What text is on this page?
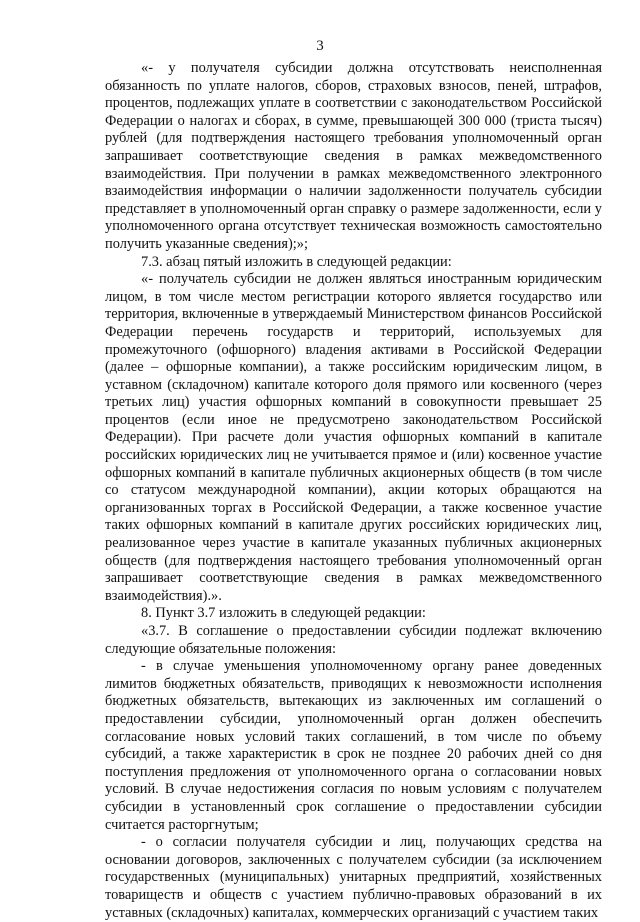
3

«- у получателя субсидии должна отсутствовать неисполненная обязанность по уплате налогов, сборов, страховых взносов, пеней, штрафов, процентов, подлежащих уплате в соответствии с законодательством Российской Федерации о налогах и сборах, в сумме, превышающей 300 000 (триста тысяч) рублей (для подтверждения настоящего требования уполномоченный орган запрашивает соответствующие сведения в рамках межведомственного взаимодействия. При получении в рамках межведомственного электронного взаимодействия информации о наличии задолженности получатель субсидии представляет в уполномоченный орган справку о размере задолженности, если у уполномоченного органа отсутствует техническая возможность самостоятельно получить указанные сведения);»;

7.3. абзац пятый изложить в следующей редакции:

«- получатель субсидии не должен являться иностранным юридическим лицом, в том числе местом регистрации которого является государство или территория, включенные в утверждаемый Министерством финансов Российской Федерации перечень государств и территорий, используемых для промежуточного (офшорного) владения активами в Российской Федерации (далее – офшорные компании), а также российским юридическим лицом, в уставном (складочном) капитале которого доля прямого или косвенного (через третьих лиц) участия офшорных компаний в совокупности превышает 25 процентов (если иное не предусмотрено законодательством Российской Федерации). При расчете доли участия офшорных компаний в капитале российских юридических лиц не учитывается прямое и (или) косвенное участие офшорных компаний в капитале публичных акционерных обществ (в том числе со статусом международной компании), акции которых обращаются на организованных торгах в Российской Федерации, а также косвенное участие таких офшорных компаний в капитале других российских юридических лиц, реализованное через участие в капитале указанных публичных акционерных обществ (для подтверждения настоящего требования уполномоченный орган запрашивает соответствующие сведения в рамках межведомственного взаимодействия).».

8. Пункт 3.7 изложить в следующей редакции:

«3.7. В соглашение о предоставлении субсидии подлежат включению следующие обязательные положения:

- в случае уменьшения уполномоченному органу ранее доведенных лимитов бюджетных обязательств, приводящих к невозможности исполнения бюджетных обязательств, вытекающих из заключенных им соглашений о предоставлении субсидии, уполномоченный орган должен обеспечить согласование новых условий таких соглашений, в том числе по объему субсидий, а также характеристик в срок не позднее 20 рабочих дней со дня поступления предложения от уполномоченного органа о согласовании новых условий. В случае недостижения согласия по новым условиям с получателем субсидии в установленный срок соглашение о предоставлении субсидии считается расторгнутым;

- о согласии получателя субсидии и лиц, получающих средства на основании договоров, заключенных с получателем субсидии (за исключением государственных (муниципальных) унитарных предприятий, хозяйственных товариществ и обществ с участием публично-правовых образований в их уставных (складочных) капиталах, коммерческих организаций с участием таких
